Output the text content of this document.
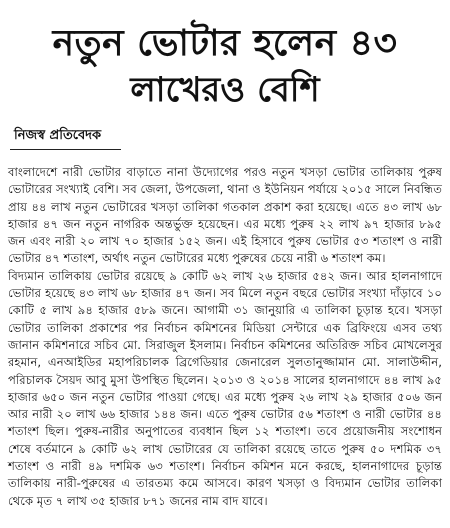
নতুন ভোটার হলেন ৪৩
লাখেরও বেশি
নিজস্ব প্রতিবেদক

বাংলাদেশে নারী ভোটার বাড়াতে নানা উদ্যোগের পরও নতুন খসড়া ভোটার তালিকায় পুরুষ ভোটারের সংখ্যাই বেশি। সব জেলা, উপজেলা, থানা ও ইউনিয়ন পর্যায়ে ২০১৫ সালে নিবন্ধিত প্রায় ৪৪ লাখ নতুন ভোটারের খসড়া তালিকা গতকাল প্রকাশ করা হয়েছে। এতে ৪৩ লাখ ৬৮ হাজার ৪৭ জন নতুন নাগরিক অন্তর্ভুক্ত হয়েছেন। এর মধ্যে পুরুষ ২২ লাখ ৯৭ হাজার ৮৯৫ জন এবং নারী ২০ লাখ ৭০ হাজার ১৫২ জন। এই হিসাবে পুরুষ ভোটার ৫৩ শতাংশ ও নারী ভোটার ৪৭ শতাংশ, অর্থাৎ নতুন ভোটারের মধ্যে পুরুষের চেয়ে নারী ৬ শতাংশ কম।

বিদ্যমান তালিকায় ভোটার রয়েছে ৯ কোটি ৬২ লাখ ২৬ হাজার ৫৪২ জন। আর হালনাগাদে ভোটার হয়েছে ৪৩ লাখ ৬৮ হাজার ৪৭ জন। সব মিলে নতুন বছরে ভোটার সংখ্যা দাঁড়াবে ১০ কোটি ৫ লাখ ৯৪ হাজার ৫৮৯ জনে। আগামী ৩১ জানুয়ারি এ তালিকা চূড়ান্ত হবে। খসড়া ভোটার তালিকা প্রকাশের পর নির্বাচন কমিশনের মিডিয়া সেন্টারে এক ব্রিফিংয়ে এসব তথ্য জানান কমিশনারে সচিব মো. সিরাজুল ইসলাম। নির্বাচন কমিশনের অতিরিক্ত সচিব মোখলেসুর রহমান, এনআইডির মহাপরিচালক ব্রিগেডিয়ার জেনারেল সুলতানুজ্জামান মো. সালাউদ্দীন, পরিচালক সৈয়দ আবু মুসা উপস্থিত ছিলেন। ২০১৩ ও ২০১৪ সালের হালনাগাদে ৪৪ লাখ ৯৫ হাজার ৬৫০ জন নতুন ভোটার পাওয়া গেছে। এর মধ্যে পুরুষ ২৬ লাখ ২৯ হাজার ৫০৬ জন আর নারী ২০ লাখ ৬৬ হাজার ১৪৪ জন। এতে পুরুষ ভোটার ৫৬ শতাংশ ও নারী ভোটার ৪৪ শতাংশ ছিল। পুরুষ-নারীর অনুপাতের ব্যবধান ছিল ১২ শতাংশ। তবে প্রয়োজনীয় সংশোধন শেষে বর্তমানে ৯ কোটি ৬২ লাখ ভোটারের যে তালিকা রয়েছে তাতে পুরুষ ৫০ দশমিক ৩৭ শতাংশ ও নারী ৪৯ দশমিক ৬৩ শতাংশ। নির্বাচন কমিশন মনে করছে, হালনাগাদের চূড়ান্ত তালিকায় নারী-পুরুষের এ তারতম্য কমে আসবে। কারণ খসড়া ও বিদ্যমান ভোটার তালিকা থেকে মৃত ৭ লাখ ৩৫ হাজার ৮৭১ জনের নাম বাদ যাবে।
